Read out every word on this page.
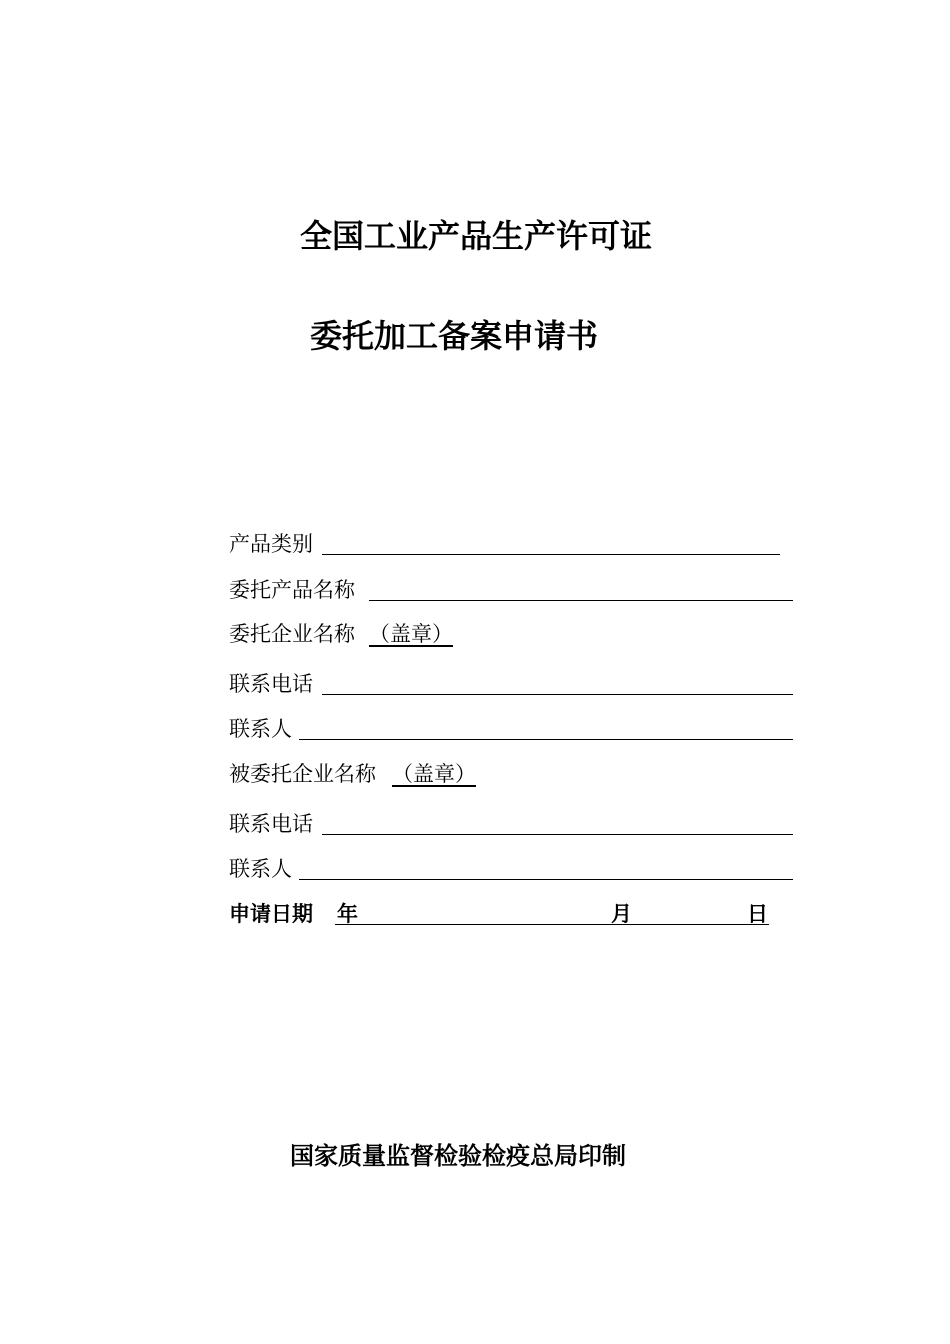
全国工业产品生产许可证
委托加工备案申请书
产品类别
委托产品名称
委托企业名称 （盖章）
联系电话
联系人
被委托企业名称 （盖章）
联系电话
联系人
申请日期 年	月	日
国家质量监督检验检疫总局印制
